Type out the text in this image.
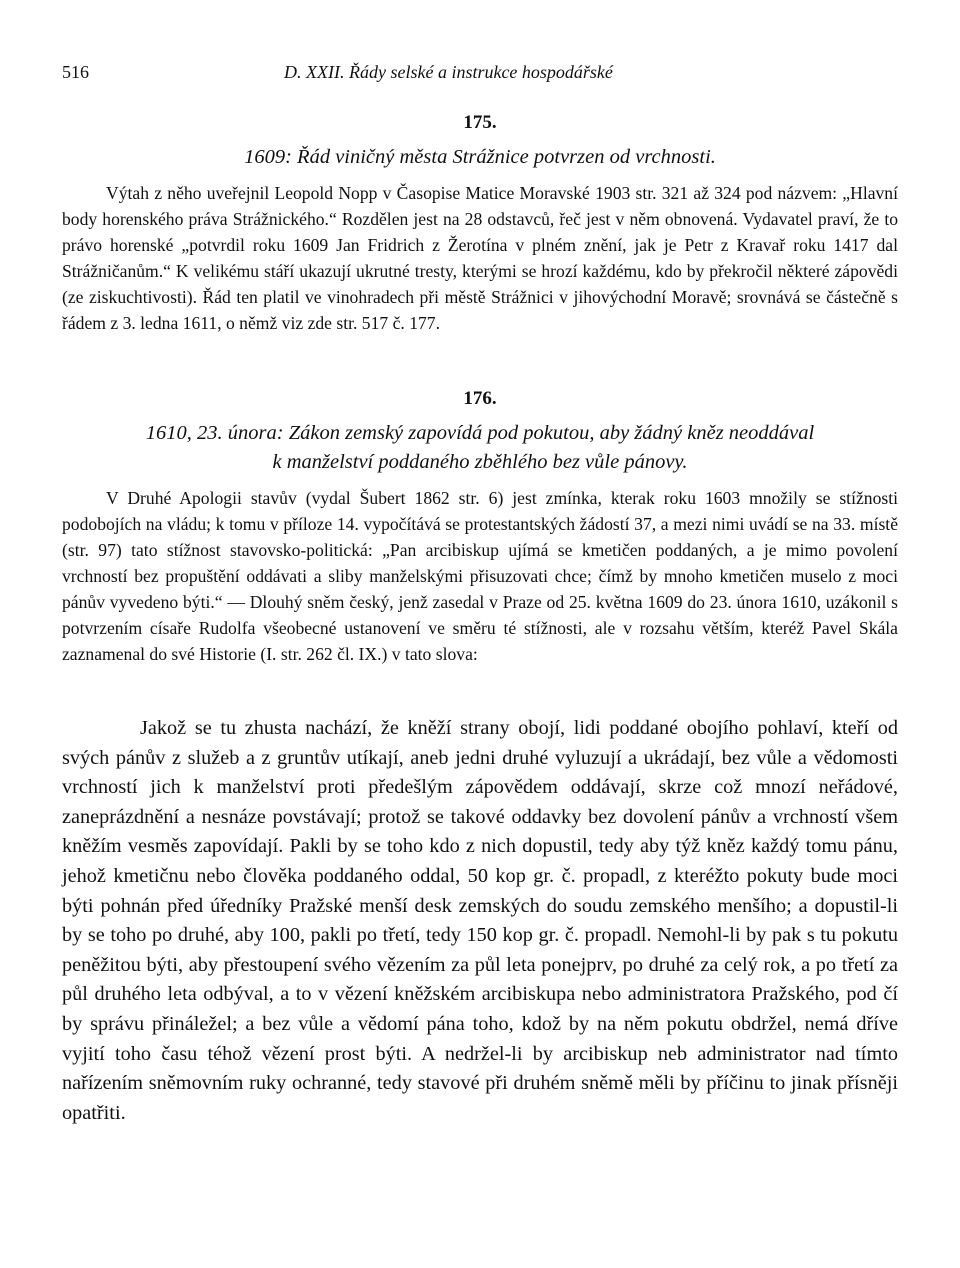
516	D. XXII. Řády selské a instrukce hospodářské
175.
1609: Řád viničný města Strážnice potvrzen od vrchnosti.

Výtah z něho uveřejnil Leopold Nopp v Časopise Matice Moravské 1903 str. 321 až 324 pod názvem: „Hlavní body horenského práva Strážnického.“ Rozdělen jest na 28 odstavců, řeč jest v něm obnovená. Vydavatel praví, že to právo horenské „potvrdil roku 1609 Jan Fridrich z Žerotína v plném znění, jak je Petr z Kravař roku 1417 dal Strážničanům.“ K velikému stáří ukazují ukrutné tresty, kterými se hrozí každému, kdo by překročil některé zápovědi (ze ziskuchtivosti). Řád ten platil ve vinohradech při městě Strážnici v jihovýchodní Moravě; srovnává se částečně s řádem z 3. ledna 1611, o němž viz zde str. 517 č. 177.

176.
1610, 23. února: Zákon zemský zapovídá pod pokutou, aby žádný kněz neoddával
k manželství poddaného zběhlého bez vůle pánovy.

V Druhé Apologii stavův (vydal Šubert 1862 str. 6) jest zmínka, kterak roku 1603 množily se stížnosti podobojích na vládu; k tomu v příloze 14. vypočítává se protestantských žádostí 37, a mezi nimi uvádí se na 33. místě (str. 97) tato stížnost stavovsko-politická: „Pan arcibiskup ujímá se kmetičen poddaných, a je mimo povolení vrchností bez propuštění oddávati a sliby manželskými přisuzovati chce; čímž by mnoho kmetičen muselo z moci pánův vyvedeno býti.“ — Dlouhý sněm český, jenž zasedal v Praze od 25. května 1609 do 23. února 1610, uzákonil s potvrzením císaře Rudolfa všeobecné ustanovení ve směru té stížnosti, ale v rozsahu větším, kteréž Pavel Skála zaznamenal do své Historie (I. str. 262 čl. IX.) v tato slova:

Jakož se tu zhusta nachází, že kněží strany obojí, lidi poddané obojího pohlaví, kteří od svých pánův z služeb a z gruntův utíkají, aneb jedni druhé vyluzují a ukrádají, bez vůle a vědomosti vrchností jich k manželství proti předešlým zápovědem oddávají, skrze což mnozí neřádové, zaneprázdnění a nesnáze povstávají; protož se takové oddavky bez dovolení pánův a vrchností všem kněžím vesměs zapovídají. Pakli by se toho kdo z nich dopustil, tedy aby týž kněz každý tomu pánu, jehož kmetičnu nebo člověka poddaného oddal, 50 kop gr. č. propadl, z kteréžto pokuty bude moci býti pohnán před úředníky Pražské menší desk zemských do soudu zemského menšího; a dopustil-li by se toho po druhé, aby 100, pakli po třetí, tedy 150 kop gr. č. propadl. Nemohl-li by pak s tu pokutu peněžitou býti, aby přestoupení svého vězením za půl leta ponejprv, po druhé za celý rok, a po třetí za půl druhého leta odbýval, a to v vězení kněžském arcibiskupa nebo administratora Pražského, pod čí by správu přináležel; a bez vůle a vědomí pána toho, kdož by na něm pokutu obdržel, nemá dříve vyjití toho času téhož vězení prost býti. A nedržel-li by arcibiskup neb administrator nad tímto nařízením sněmovním ruky ochranné, tedy stavové při druhém sněmě měli by příčinu to jinak přísněji opatřiti.
